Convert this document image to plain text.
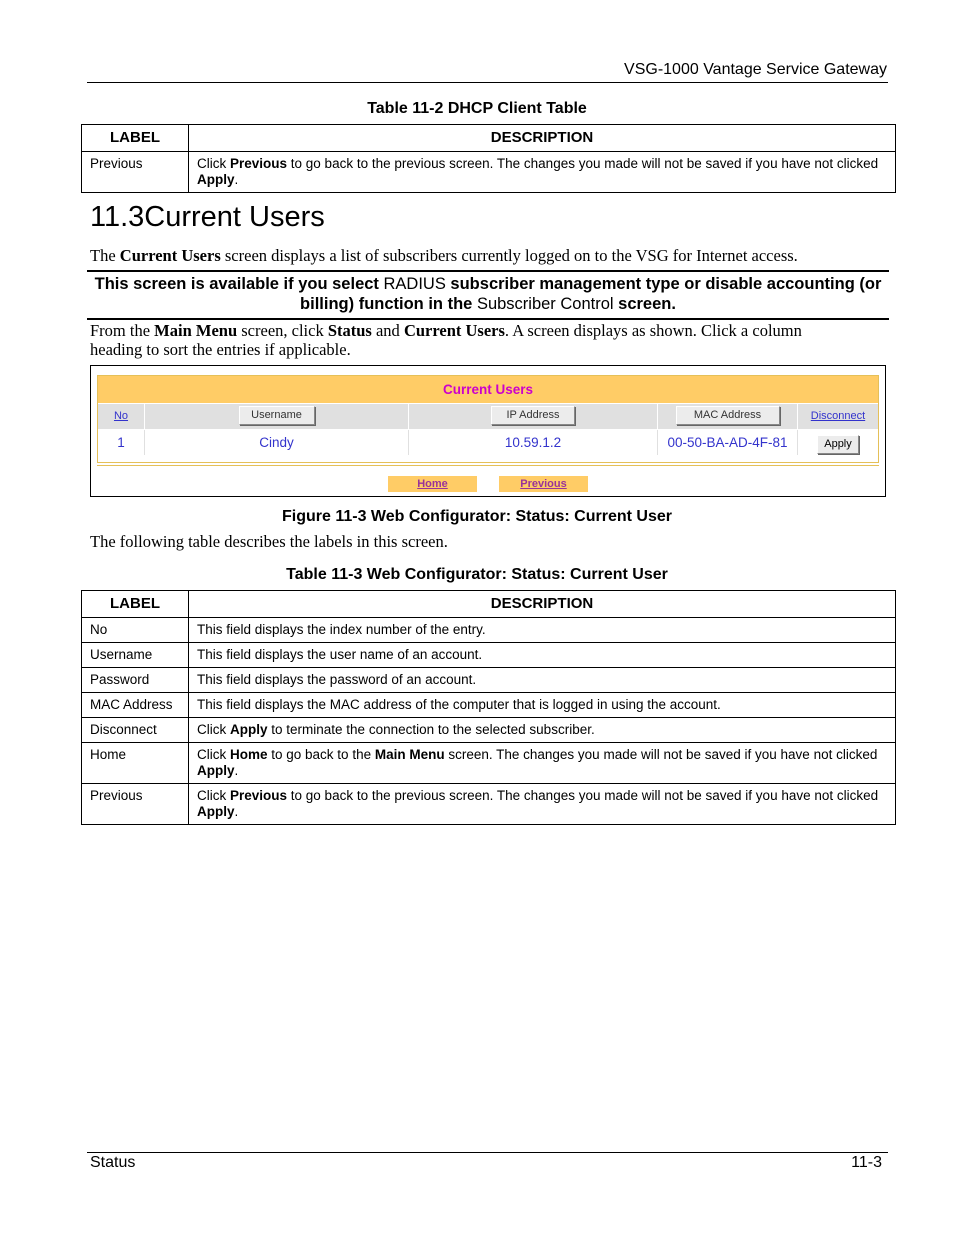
VSG-1000 Vantage Service Gateway
Table 11-2 DHCP Client Table
LABEL	DESCRIPTION
Previous	Click Previous to go back to the previous screen. The changes you made will not be saved if you have not clicked Apply.
11.3Current Users
The Current Users screen displays a list of subscribers currently logged on to the VSG for Internet access.
This screen is available if you select RADIUS subscriber management type or disable accounting (or billing) function in the Subscriber Control screen.
From the Main Menu screen, click Status and Current Users. A screen displays as shown. Click a column heading to sort the entries if applicable.
Current Users
No	Username	IP Address	MAC Address	Disconnect
1	Cindy	10.59.1.2	00-50-BA-AD-4F-81	Apply
Home	Previous
Figure 11-3 Web Configurator: Status: Current User
The following table describes the labels in this screen.
Table 11-3 Web Configurator: Status: Current User
LABEL	DESCRIPTION
No	This field displays the index number of the entry.
Username	This field displays the user name of an account.
Password	This field displays the password of an account.
MAC Address	This field displays the MAC address of the computer that is logged in using the account.
Disconnect	Click Apply to terminate the connection to the selected subscriber.
Home	Click Home to go back to the Main Menu screen. The changes you made will not be saved if you have not clicked Apply.
Previous	Click Previous to go back to the previous screen. The changes you made will not be saved if you have not clicked Apply.
Status	11-3
